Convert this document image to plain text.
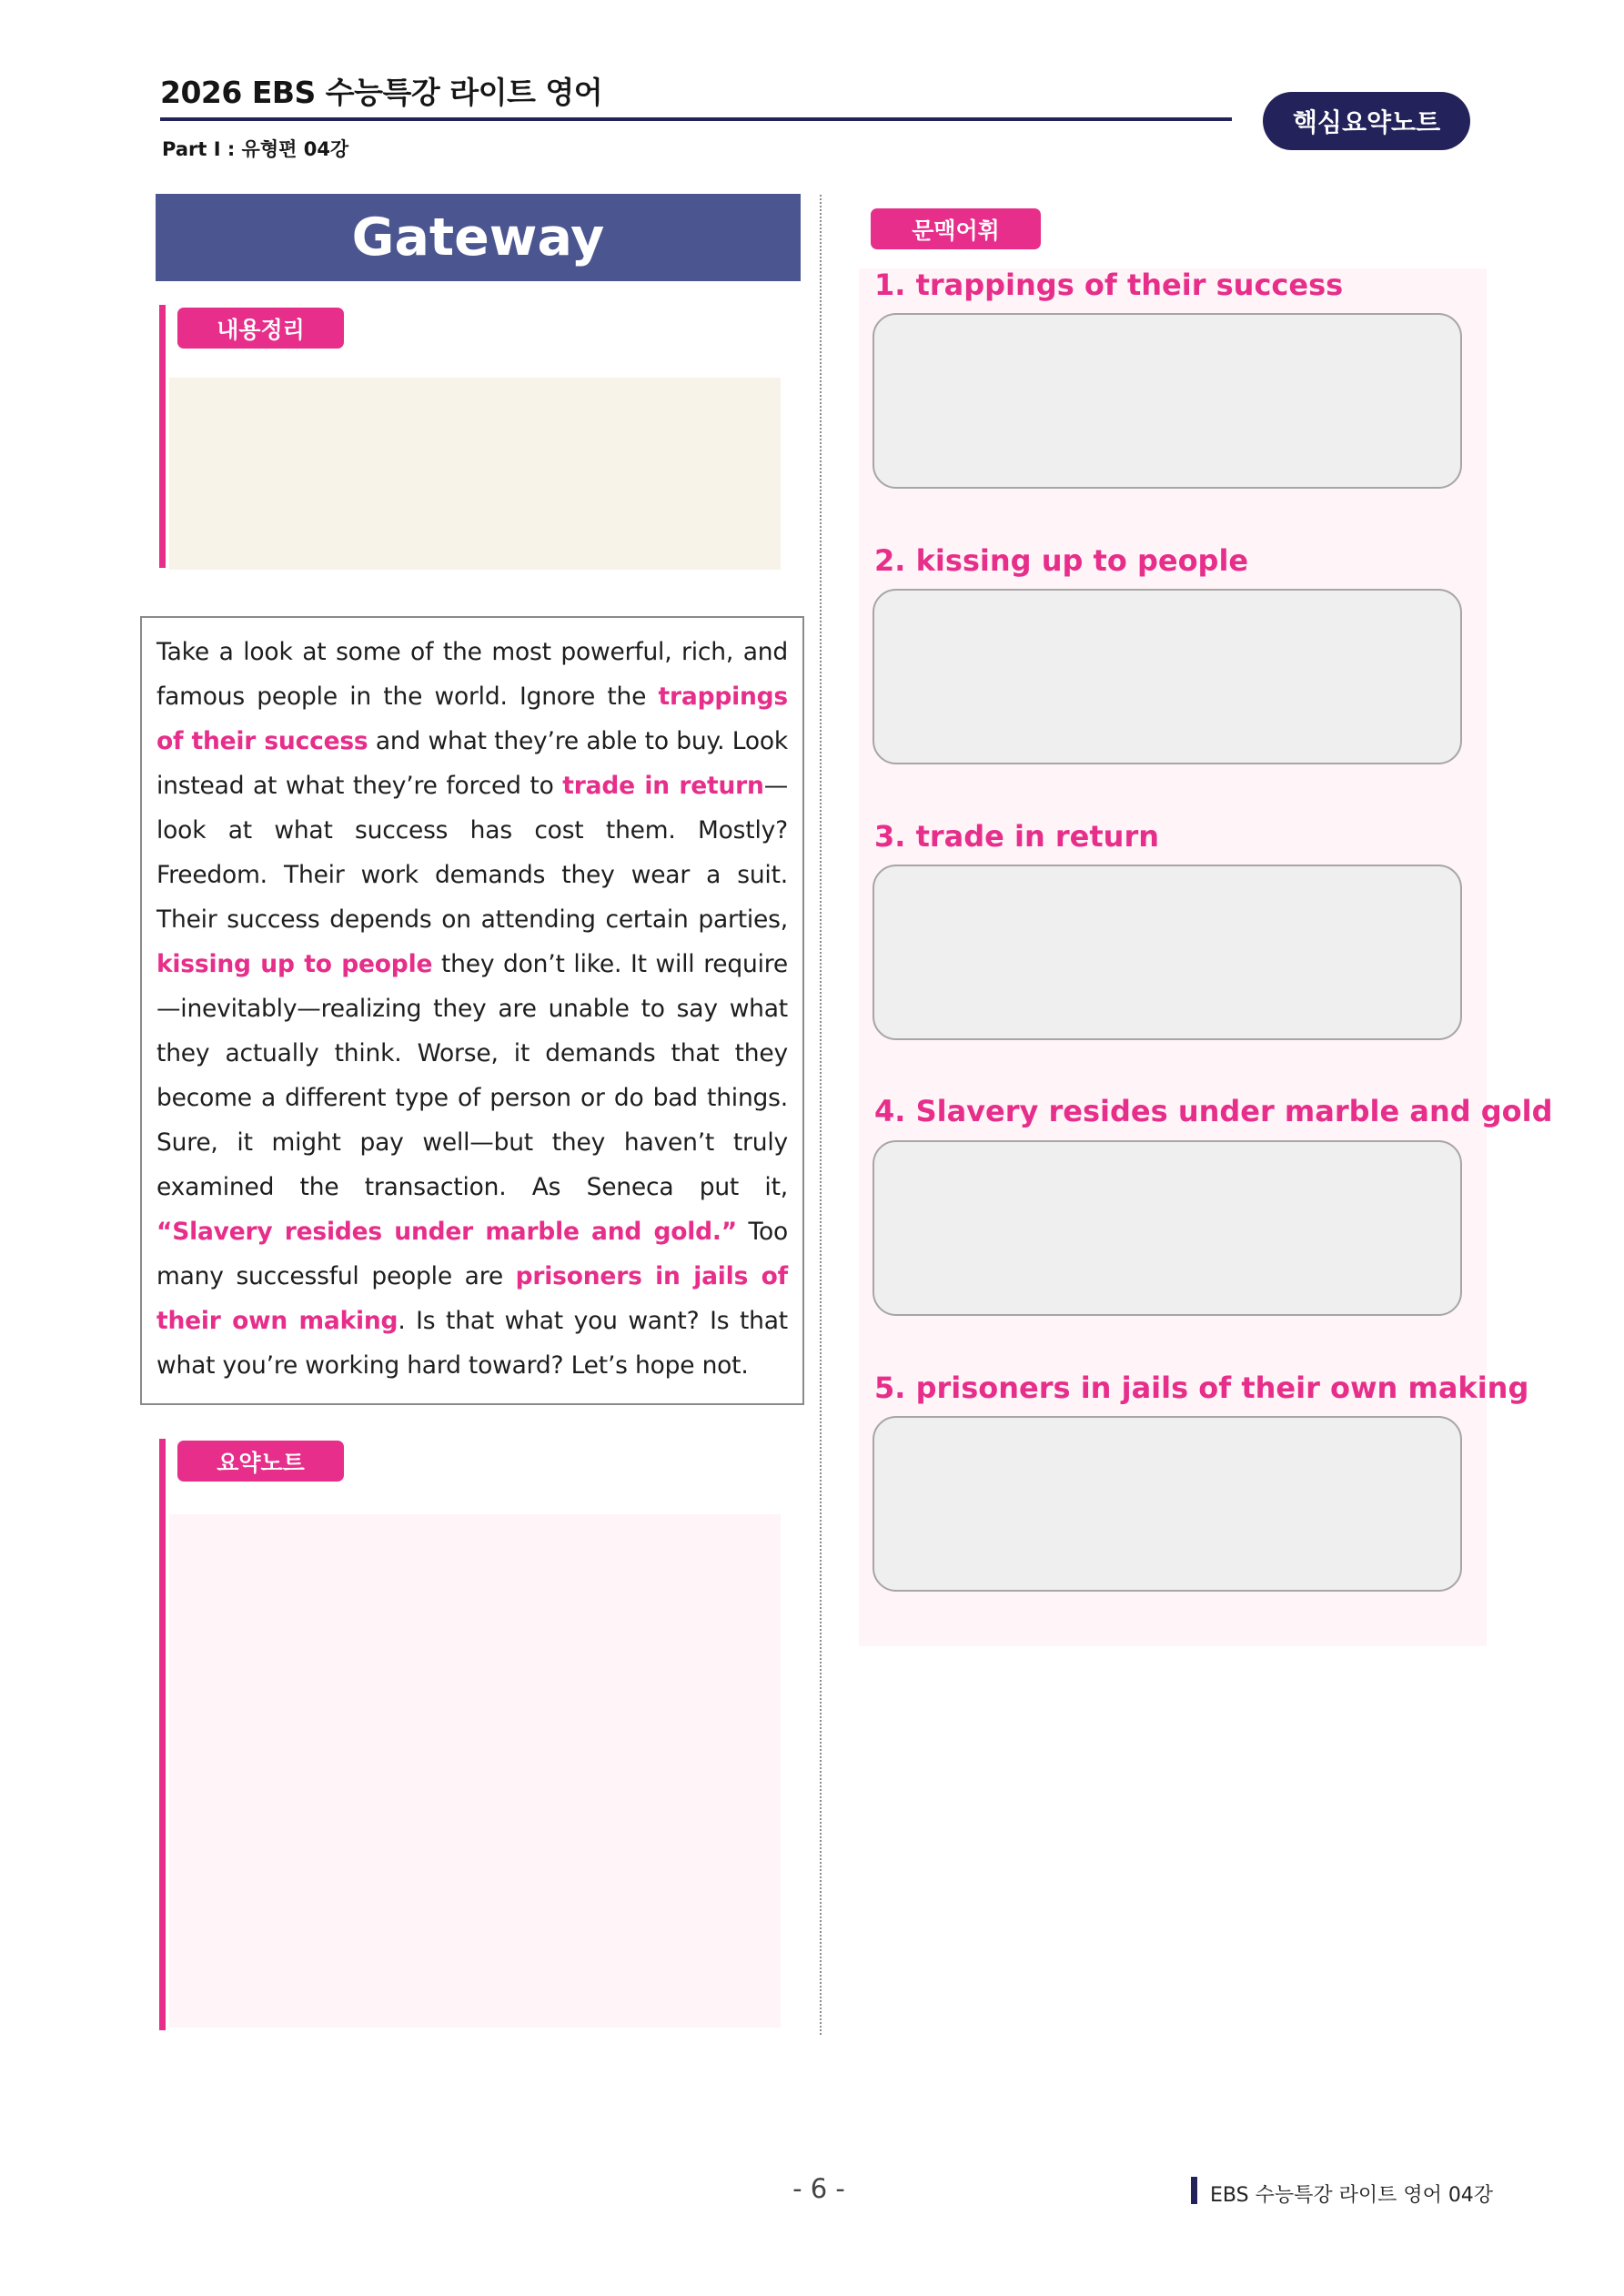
2026 EBS 수능특강 라이트 영어
Part I : 유형편 04강
핵심요약노트
Gateway
내용정리

Take a look at some of the most powerful, rich, and famous people in the world. Ignore the trappings of their success and what they’re able to buy. Look instead at what they’re forced to trade in return—look at what success has cost them. Mostly? Freedom. Their work demands they wear a suit. Their success depends on attending certain parties, kissing up to people they don’t like. It will require—inevitably—realizing they are unable to say what they actually think. Worse, it demands that they become a different type of person or do bad things. Sure, it might pay well—but they haven’t truly examined the transaction. As Seneca put it, “Slavery resides under marble and gold.” Too many successful people are prisoners in jails of their own making. Is that what you want? Is that what you’re working hard toward? Let’s hope not.

요약노트
문맥어휘
1. trappings of their success
2. kissing up to people
3. trade in return
4. Slavery resides under marble and gold
5. prisoners in jails of their own making
- 6 -	EBS 수능특강 라이트 영어 04강
